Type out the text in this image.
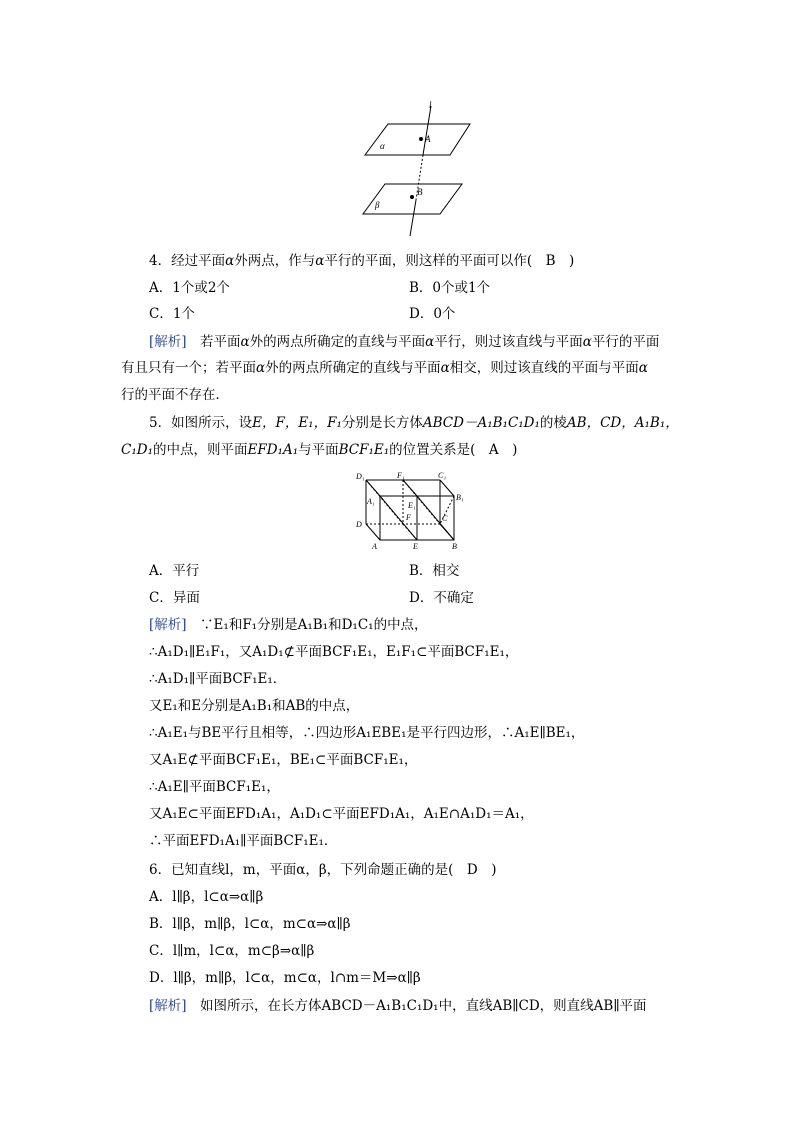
l
A
B
α
β
4．经过平面α外两点，作与α平行的平面，则这样的平面可以作(　B　)
A．1个或2个	B．0个或1个
C．1个	D．0个
[解析]　若平面α外的两点所确定的直线与平面α平行，则过该直线与平面α平行的平面
有且只有一个；若平面α外的两点所确定的直线与平面α相交，则过该直线的平面与平面α
行的平面不存在．
5．如图所示，设E，F，E₁，F₁分别是长方体ABCD－A₁B₁C₁D₁的棱AB，CD，A₁B₁，
C₁D₁的中点，则平面EFD₁A₁与平面BCF₁E₁的位置关系是(　A　)
D₁	F₁	C₁
B₁
A₁	E₁
F	C
D
A	E	B
A．平行	B．相交
C．异面	D．不确定
[解析]　∵E₁和F₁分别是A₁B₁和D₁C₁的中点，
∴A₁D₁∥E₁F₁，又A₁D₁⊄平面BCF₁E₁，E₁F₁⊂平面BCF₁E₁，
∴A₁D₁∥平面BCF₁E₁．
又E₁和E分别是A₁B₁和AB的中点，
∴A₁E₁与BE平行且相等，∴四边形A₁EBE₁是平行四边形，∴A₁E∥BE₁，
又A₁E⊄平面BCF₁E₁，BE₁⊂平面BCF₁E₁，
∴A₁E∥平面BCF₁E₁，
又A₁E⊂平面EFD₁A₁，A₁D₁⊂平面EFD₁A₁，A₁E∩A₁D₁＝A₁，
∴平面EFD₁A₁∥平面BCF₁E₁．
6．已知直线l，m，平面α，β，下列命题正确的是(　D　)
A．l∥β，l⊂α⇒α∥β
B．l∥β，m∥β，l⊂α，m⊂α⇒α∥β
C．l∥m，l⊂α，m⊂β⇒α∥β
D．l∥β，m∥β，l⊂α，m⊂α，l∩m＝M⇒α∥β
[解析]　如图所示，在长方体ABCD－A₁B₁C₁D₁中，直线AB∥CD，则直线AB∥平面
